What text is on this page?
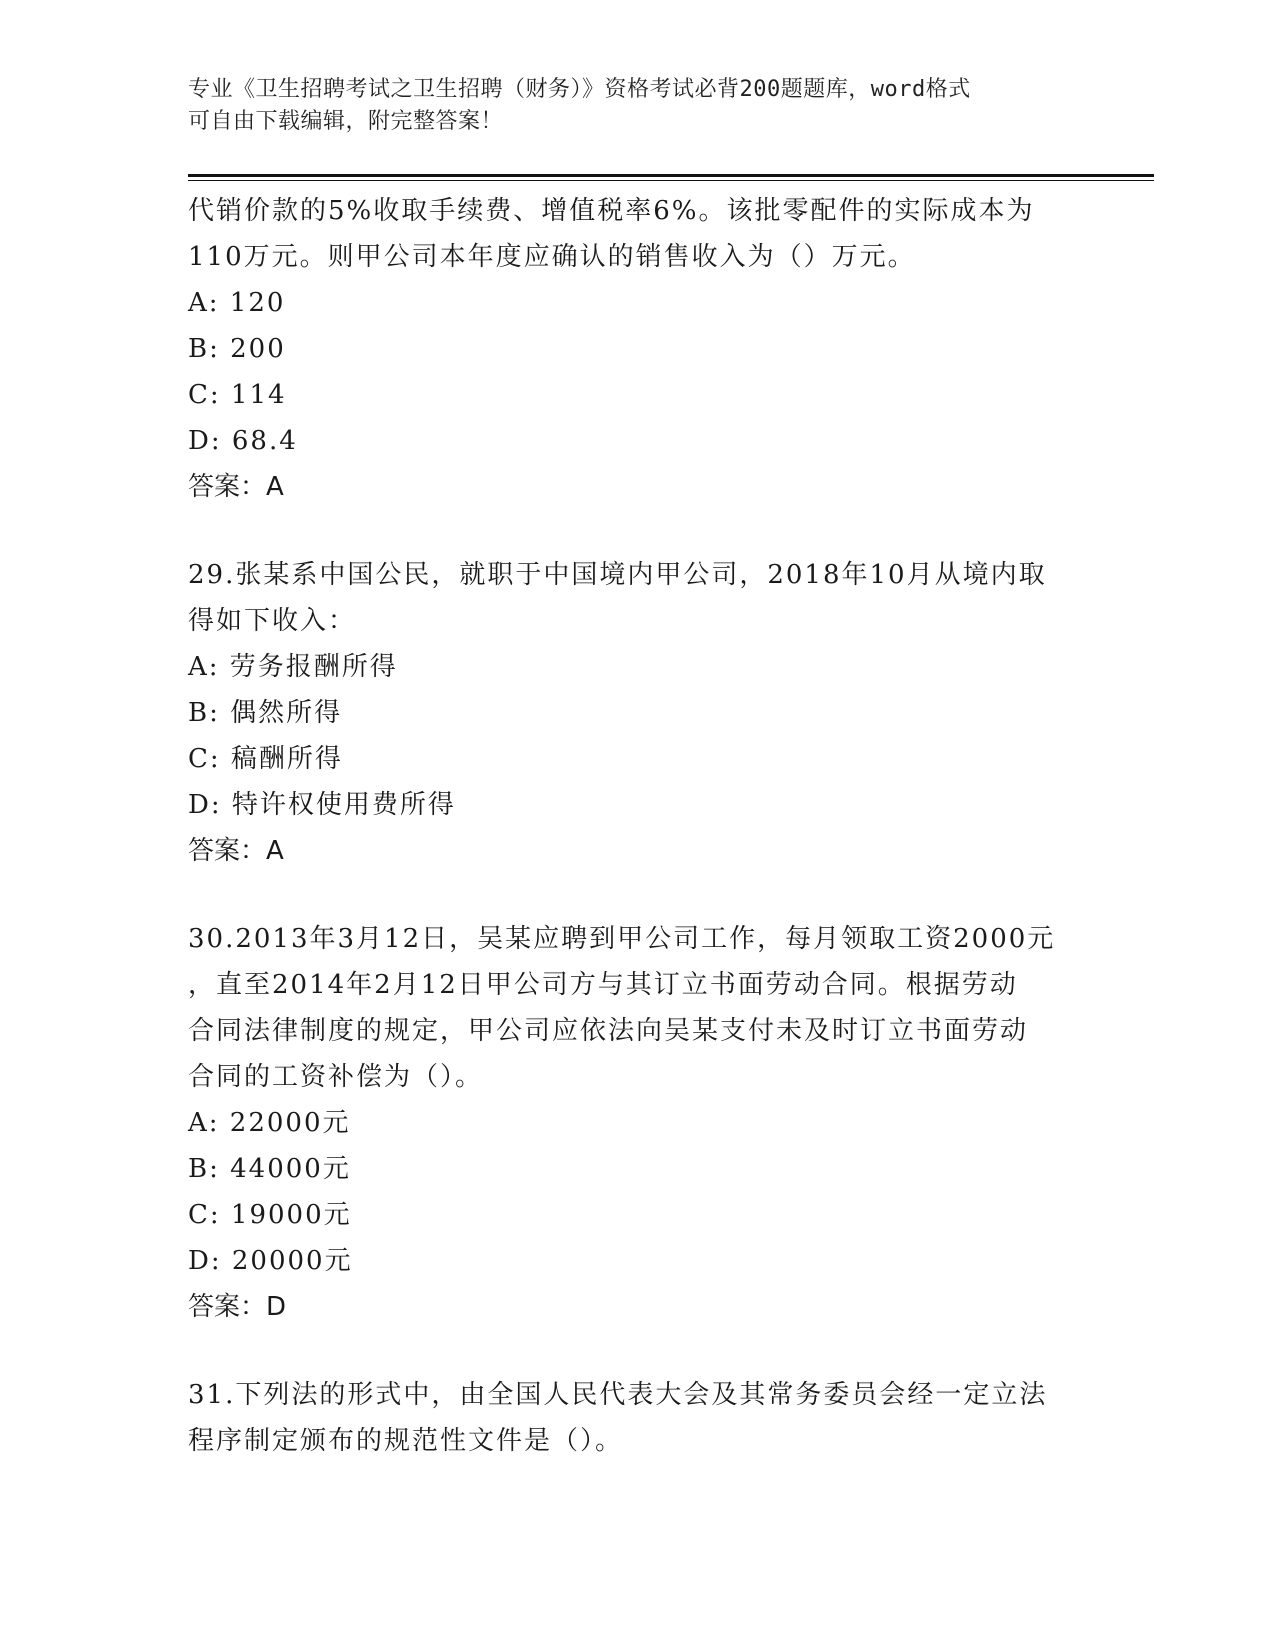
专业《卫生招聘考试之卫生招聘（财务）》资格考试必背200题题库，word格式
可自由下载编辑，附完整答案！
代销价款的5%收取手续费、增值税率6%。该批零配件的实际成本为
110万元。则甲公司本年度应确认的销售收入为（）万元。
A: 120
B: 200
C: 114
D: 68.4
答案：A
29.张某系中国公民，就职于中国境内甲公司，2018年10月从境内取
得如下收入：
A: 劳务报酬所得
B: 偶然所得
C: 稿酬所得
D: 特许权使用费所得
答案：A
30.2013年3月12日，吴某应聘到甲公司工作，每月领取工资2000元
，直至2014年2月12日甲公司方与其订立书面劳动合同。根据劳动
合同法律制度的规定，甲公司应依法向吴某支付未及时订立书面劳动
合同的工资补偿为（）。
A: 22000元
B: 44000元
C: 19000元
D: 20000元
答案：D
31.下列法的形式中，由全国人民代表大会及其常务委员会经一定立法
程序制定颁布的规范性文件是（）。
